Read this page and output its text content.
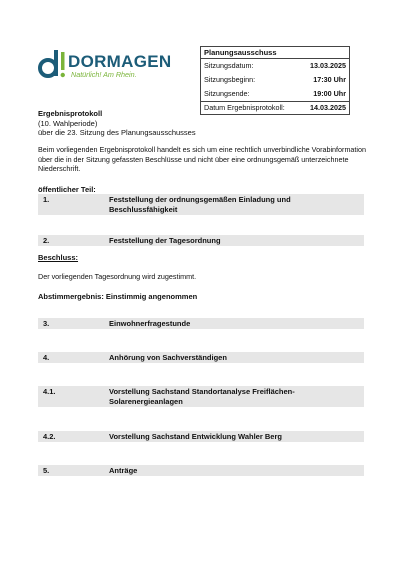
DORMAGEN
Natürlich! Am Rhein.
Planungsausschuss
Sitzungsdatum:	13.03.2025
Sitzungsbeginn:	17:30 Uhr
Sitzungsende:	19:00 Uhr
Datum Ergebnisprotokoll:	14.03.2025
Ergebnisprotokoll
(10. Wahlperiode)
über die 23. Sitzung des Planungsausschusses
Beim vorliegenden Ergebnisprotokoll handelt es sich um eine rechtlich unverbindliche Vorabinformation über die in der Sitzung gefassten Beschlüsse und nicht über eine ordnungsgemäß unterzeichnete Niederschrift.
öffentlicher Teil:
1.	Feststellung der ordnungsgemäßen Einladung und Beschlussfähigkeit
2.	Feststellung der Tagesordnung
Beschluss:
Der vorliegenden Tagesordnung wird zugestimmt.
Abstimmergebnis: Einstimmig angenommen
3.	Einwohnerfragestunde
4.	Anhörung von Sachverständigen
4.1.	Vorstellung Sachstand Standortanalyse Freiflächen-Solarenergieanlagen
4.2.	Vorstellung Sachstand Entwicklung Wahler Berg
5.	Anträge
